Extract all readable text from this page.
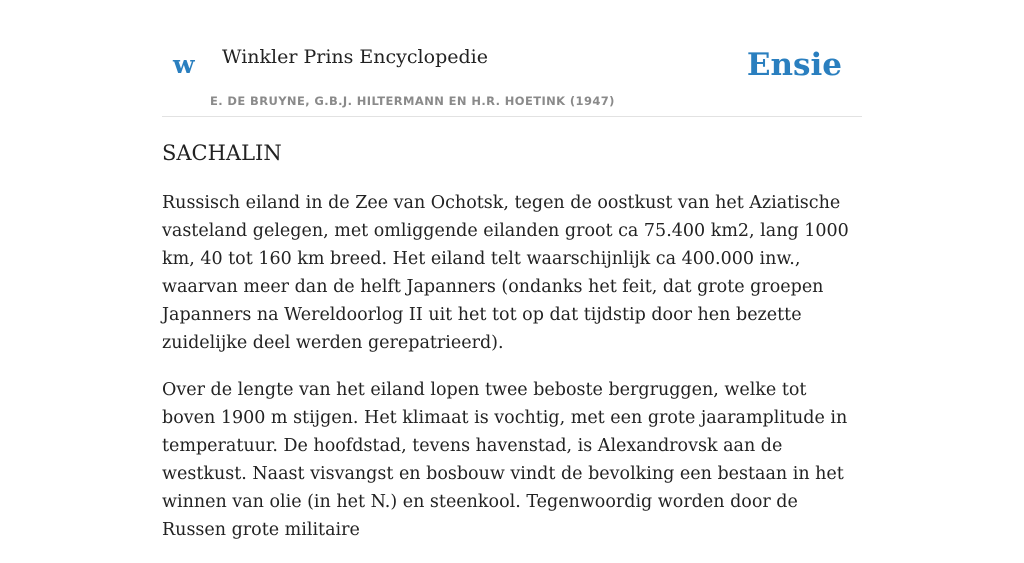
w Winkler Prins Encyclopedie
E. DE BRUYNE, G.B.J. HILTERMANN EN H.R. HOETINK (1947)
Ensie
SACHALIN

Russisch eiland in de Zee van Ochotsk, tegen de oostkust van het Aziatische vasteland gelegen, met omliggende eilanden groot ca 75.400 km2, lang 1000 km, 40 tot 160 km breed. Het eiland telt waarschijnlijk ca 400.000 inw., waarvan meer dan de helft Japanners (ondanks het feit, dat grote groepen Japanners na Wereldoorlog II uit het tot op dat tijdstip door hen bezette zuidelijke deel werden gerepatrieerd).

Over de lengte van het eiland lopen twee beboste bergruggen, welke tot boven 1900 m stijgen. Het klimaat is vochtig, met een grote jaaramplitude in temperatuur. De hoofdstad, tevens havenstad, is Alexandrovsk aan de westkust. Naast visvangst en bosbouw vindt de bevolking een bestaan in het winnen van olie (in het N.) en steenkool. Tegenwoordig worden door de Russen grote militaire
